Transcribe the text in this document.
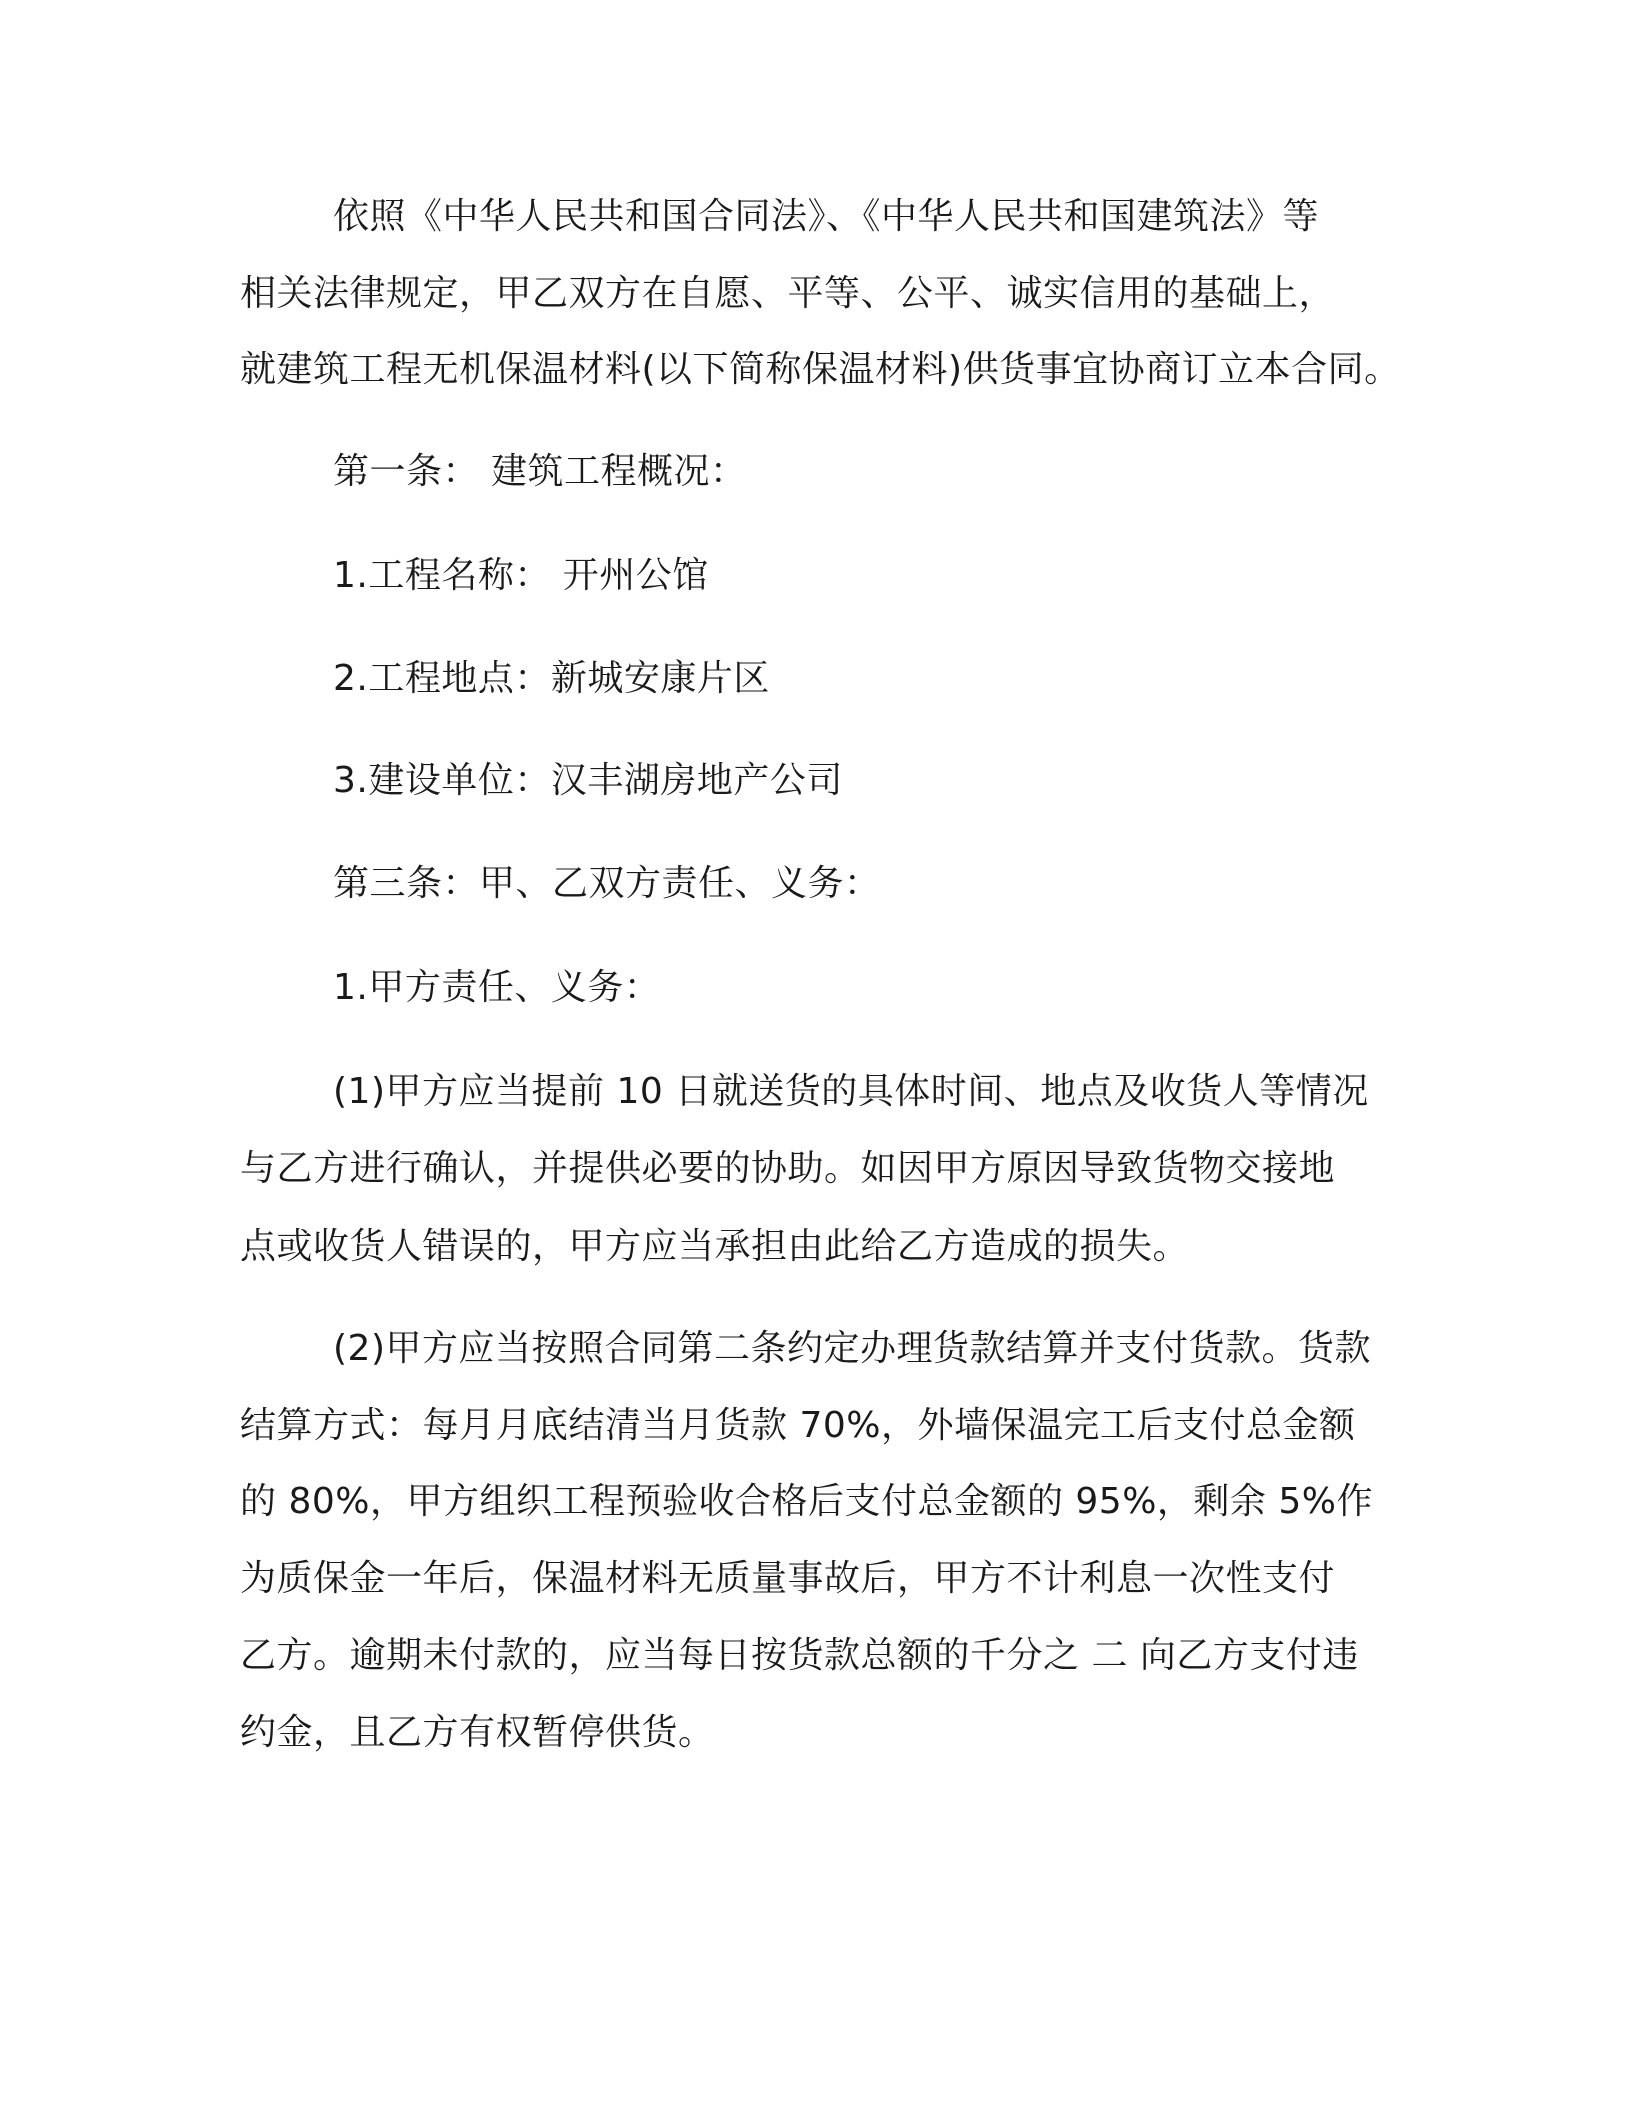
依照《中华人民共和国合同法》、《中华人民共和国建筑法》等
相关法律规定，甲乙双方在自愿、平等、公平、诚实信用的基础上，
就建筑工程无机保温材料(以下简称保温材料)供货事宜协商订立本合同。
第一条： 建筑工程概况：
1.工程名称： 开州公馆
2.工程地点：新城安康片区
3.建设单位：汉丰湖房地产公司
第三条：甲、乙双方责任、义务：
1.甲方责任、义务：
(1)甲方应当提前 10 日就送货的具体时间、地点及收货人等情况
与乙方进行确认，并提供必要的协助。如因甲方原因导致货物交接地
点或收货人错误的，甲方应当承担由此给乙方造成的损失。
(2)甲方应当按照合同第二条约定办理货款结算并支付货款。货款
结算方式：每月月底结清当月货款 70%，外墙保温完工后支付总金额
的 80%，甲方组织工程预验收合格后支付总金额的 95%，剩余 5%作
为质保金一年后，保温材料无质量事故后，甲方不计利息一次性支付
乙方。逾期未付款的，应当每日按货款总额的千分之 二 向乙方支付违
约金，且乙方有权暂停供货。
